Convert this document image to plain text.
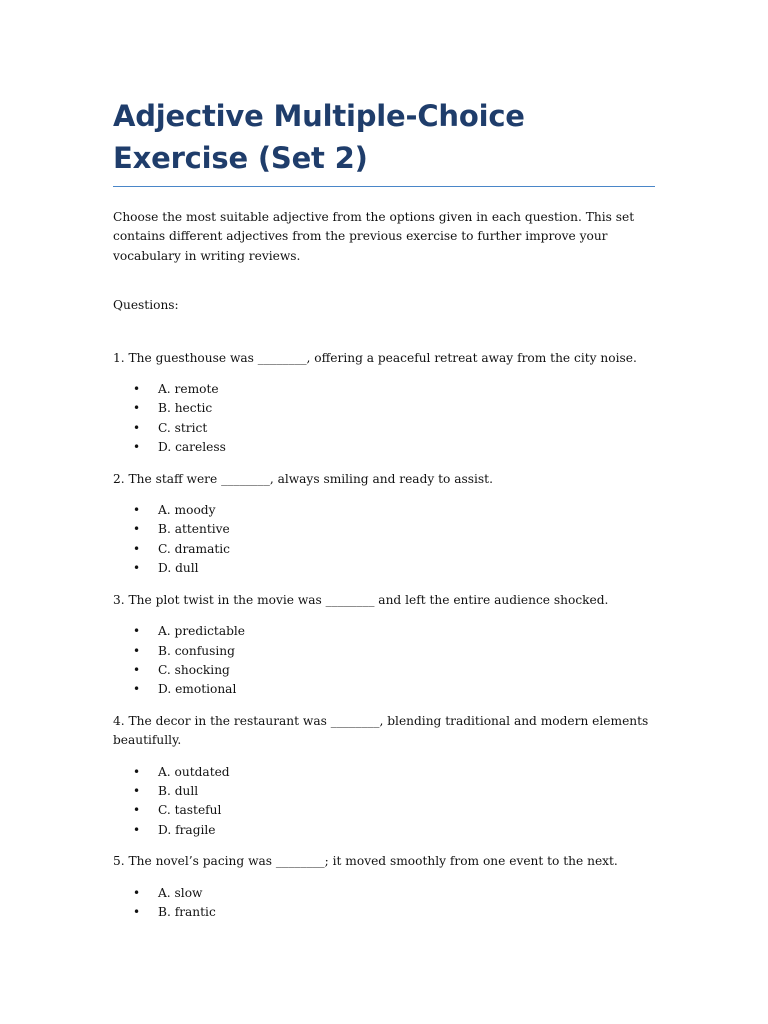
Adjective Multiple-Choice Exercise (Set 2)

Choose the most suitable adjective from the options given in each question. This set contains different adjectives from the previous exercise to further improve your vocabulary in writing reviews.

Questions:

1. The guesthouse was ________, offering a peaceful retreat away from the city noise.

• A. remote
• B. hectic
• C. strict
• D. careless

2. The staff were ________, always smiling and ready to assist.

• A. moody
• B. attentive
• C. dramatic
• D. dull

3. The plot twist in the movie was ________ and left the entire audience shocked.

• A. predictable
• B. confusing
• C. shocking
• D. emotional

4. The decor in the restaurant was ________, blending traditional and modern elements beautifully.

• A. outdated
• B. dull
• C. tasteful
• D. fragile

5. The novel’s pacing was ________; it moved smoothly from one event to the next.

• A. slow
• B. frantic
